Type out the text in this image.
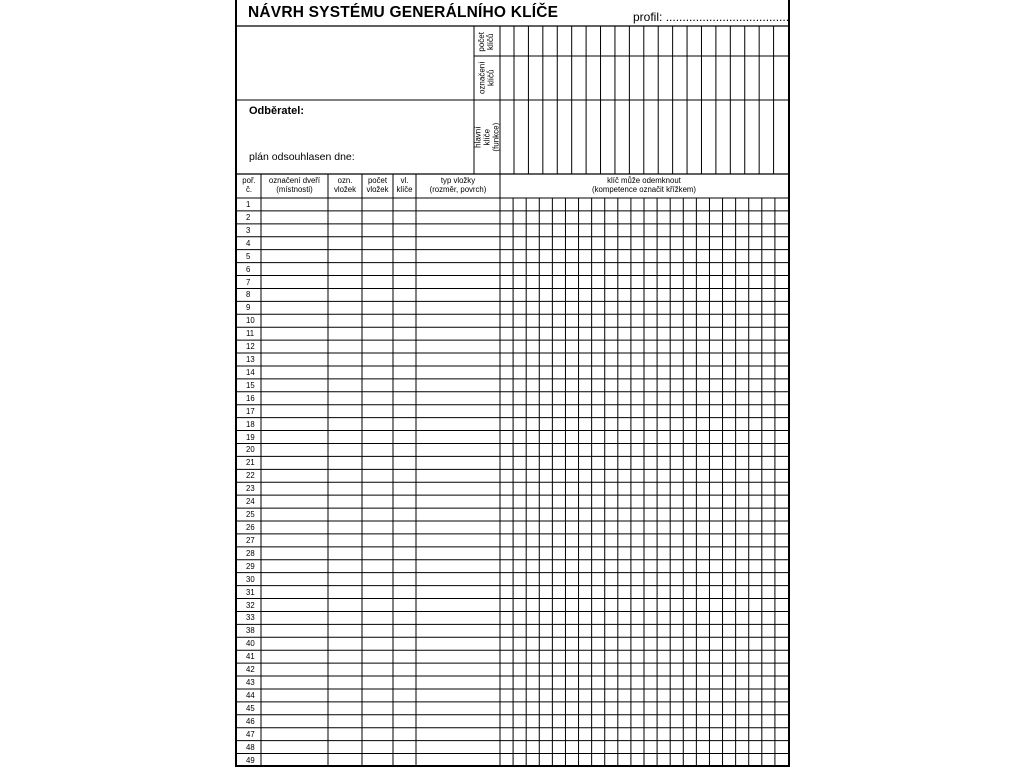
NÁVRH SYSTÉMU GENERÁLNÍHO KLÍČE	profil: .....................................
Odběratel:
plán odsouhlasen dne:
počet klíčů
označení klíčů
hlavní klíče (funkce)
poř.
č.
označení dveří
(místnosti)
ozn.
vložek
počet
vložek
vl.
klíče
typ vložky
(rozměr, povrch)
klíč může odemknout
(kompetence označit křížkem)
1
2
3
4
5
6
7
8
9
10
11
12
13
14
15
16
17
18
19
20
21
22
23
24
25
26
27
28
29
30
31
32
33
38
40
41
42
43
44
45
46
47
48
49
